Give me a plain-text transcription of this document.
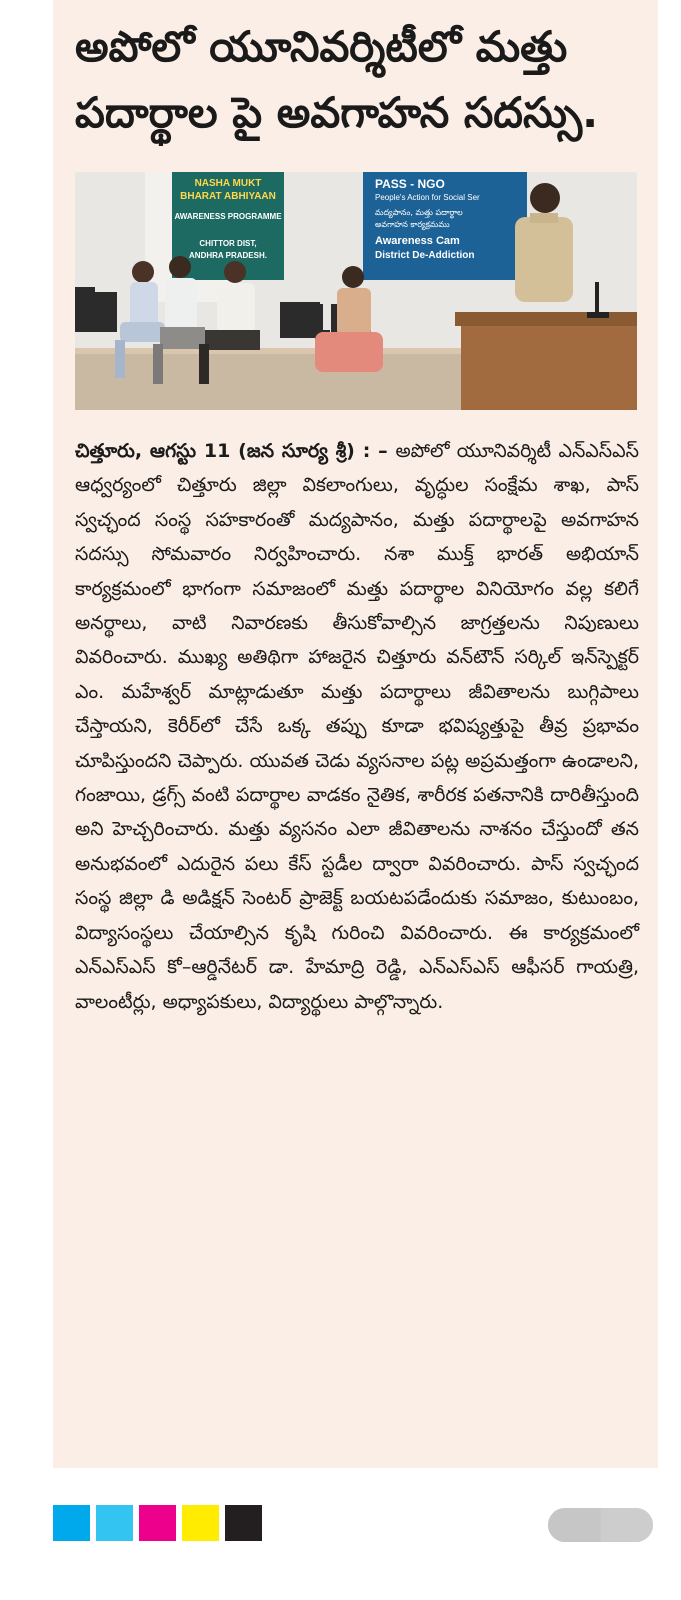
అపోలో యూనివర్శిటీలో మత్తు
పదార్థాల పై అవగాహన సదస్సు.
NASHA MUKT
BHARAT ABHIYAAN
AWARENESS PROGRAMME
CHITTOR DIST,
ANDHRA PRADESH.
PASS - NGO
People's Action for Social Ser
మద్యపానం, మత్తు పదార్థాల
అవగాహన కార్యక్రమము
Awareness Cam
District De-Addiction
చిత్తూరు, ఆగస్టు 11 (జన సూర్య శ్రీ) : – అపోలో యూనివర్శిటీ ఎన్ఎస్ఎస్ ఆధ్వర్యంలో చిత్తూరు జిల్లా వికలాంగులు, వృద్ధుల సంక్షేమ శాఖ, పాస్ స్వచ్ఛంద సంస్థ సహకారంతో మద్యపానం, మత్తు పదార్థాలపై అవగాహన సదస్సు సోమవారం నిర్వహించారు. నశా ముక్త్ భారత్ అభియాన్ కార్యక్రమంలో భాగంగా సమాజంలో మత్తు పదార్థాల వినియోగం వల్ల కలిగే అనర్థాలు, వాటి నివారణకు తీసుకోవాల్సిన జాగ్రత్తలను నిపుణులు వివరించారు. ముఖ్య అతిథిగా హాజరైన చిత్తూరు వన్‌టౌన్ సర్కిల్ ఇన్‌స్పెక్టర్ ఎం. మహేశ్వర్ మాట్లాడుతూ మత్తు పదార్థాలు జీవితాలను బుగ్గిపాలు చేస్తాయని, కెరీర్‌లో చేసే ఒక్క తప్పు కూడా భవిష్యత్తుపై తీవ్ర ప్రభావం చూపిస్తుందని చెప్పారు. యువత చెడు వ్యసనాల పట్ల అప్రమత్తంగా ఉండాలని, గంజాయి, డ్రగ్స్ వంటి పదార్థాల వాడకం నైతిక, శారీరక పతనానికి దారితీస్తుంది అని హెచ్చరించారు. మత్తు వ్యసనం ఎలా జీవితాలను నాశనం చేస్తుందో తన అనుభవంలో ఎదురైన పలు కేస్ స్టడీల ద్వారా వివరించారు. పాస్ స్వచ్ఛంద సంస్థ జిల్లా డి అడిక్షన్ సెంటర్ ప్రాజెక్ట్ బయటపడేందుకు సమాజం, కుటుంబం, విద్యాసంస్థలు చేయాల్సిన కృషి గురించి వివరించారు. ఈ కార్యక్రమంలో ఎన్ఎస్ఎస్ కో–ఆర్డినేటర్ డా. హేమాద్రి రెడ్డి, ఎన్ఎస్ఎస్ ఆఫీసర్ గాయత్రి, వాలంటీర్లు, అధ్యాపకులు, విద్యార్థులు పాల్గొన్నారు.
